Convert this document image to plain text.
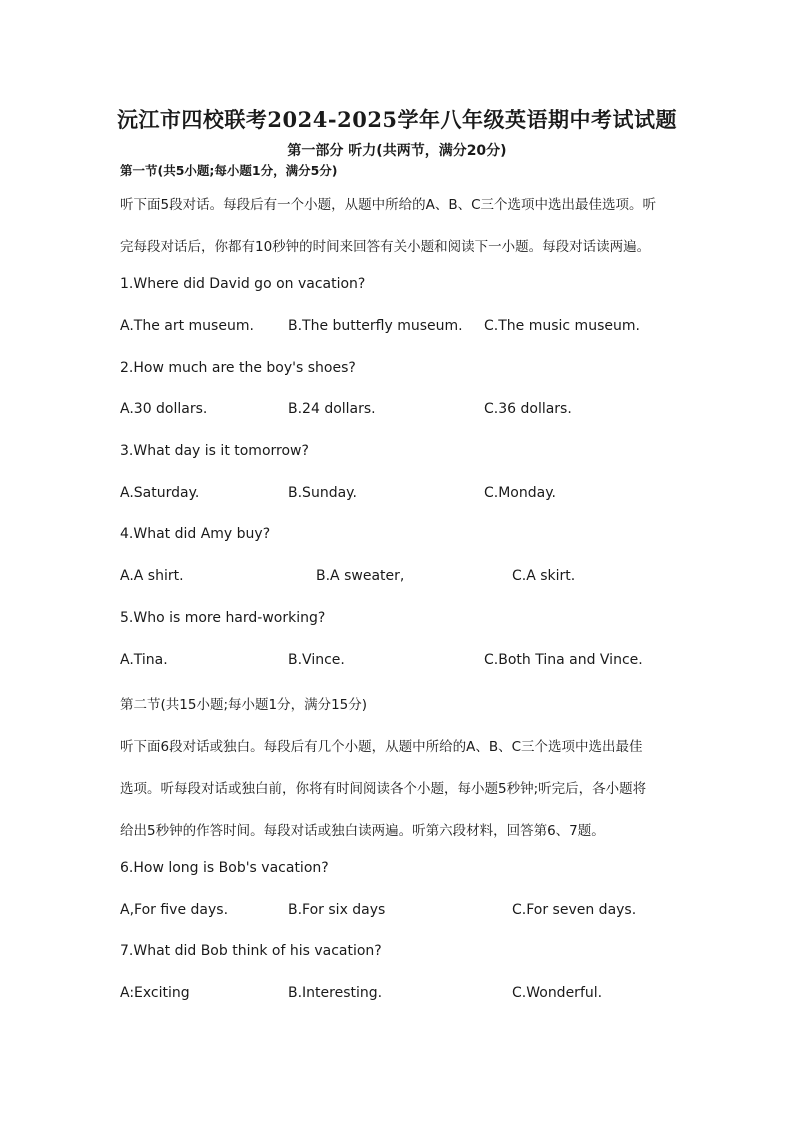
沅江市四校联考2024-2025学年八年级英语期中考试试题
第一部分 听力(共两节，满分20分)
第一节(共5小题;每小题1分，满分5分)
听下面5段对话。每段后有一个小题，从题中所给的A、B、C三个选项中选出最佳选项。听
完每段对话后，你都有10秒钟的时间来回答有关小题和阅读下一小题。每段对话读两遍。
1.Where did David go on vacation?
A.The art museum. B.The butterfly museum. C.The music museum.
2.How much are the boy's shoes?
A.30 dollars.	B.24 dollars.	C.36 dollars.
3.What day is it tomorrow?
A.Saturday.	B.Sunday.	C.Monday.
4.What did Amy buy?
A.A shirt.	B.A sweater,	C.A skirt.
5.Who is more hard-working?
A.Tina.	B.Vince.	C.Both Tina and Vince.
第二节(共15小题;每小题1分，满分15分)
听下面6段对话或独白。每段后有几个小题，从题中所给的A、B、C三个选项中选出最佳
选项。听每段对话或独白前，你将有时间阅读各个小题，每小题5秒钟;听完后，各小题将
给出5秒钟的作答时间。每段对话或独白读两遍。听第六段材料，回答第6、7题。
6.How long is Bob's vacation?
A,For five days.	B.For six days	C.For seven days.
7.What did Bob think of his vacation?
A:Exciting	B.Interesting.	C.Wonderful.
